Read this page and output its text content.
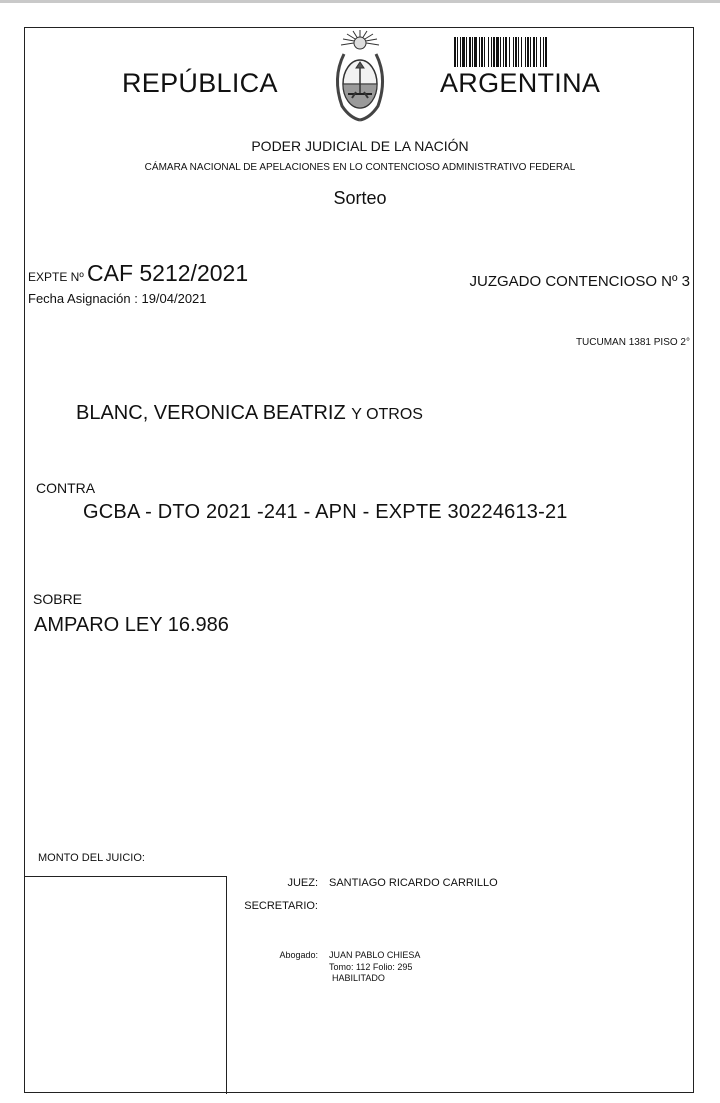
REPÚBLICA	ARGENTINA
PODER JUDICIAL DE LA NACIÓN
CÁMARA NACIONAL DE APELACIONES EN LO CONTENCIOSO ADMINISTRATIVO FEDERAL
Sorteo
EXPTE Nº CAF 5212/2021
Fecha Asignación : 19/04/2021
JUZGADO CONTENCIOSO Nº 3
TUCUMAN 1381 PISO 2°
BLANC, VERONICA BEATRIZ Y OTROS
CONTRA
GCBA - DTO 2021 -241 - APN - EXPTE 30224613-21
SOBRE
AMPARO LEY 16.986
MONTO DEL JUICIO:
JUEZ: SANTIAGO RICARDO CARRILLO
SECRETARIO:
Abogado: JUAN PABLO CHIESA
Tomo: 112 Folio: 295
HABILITADO
